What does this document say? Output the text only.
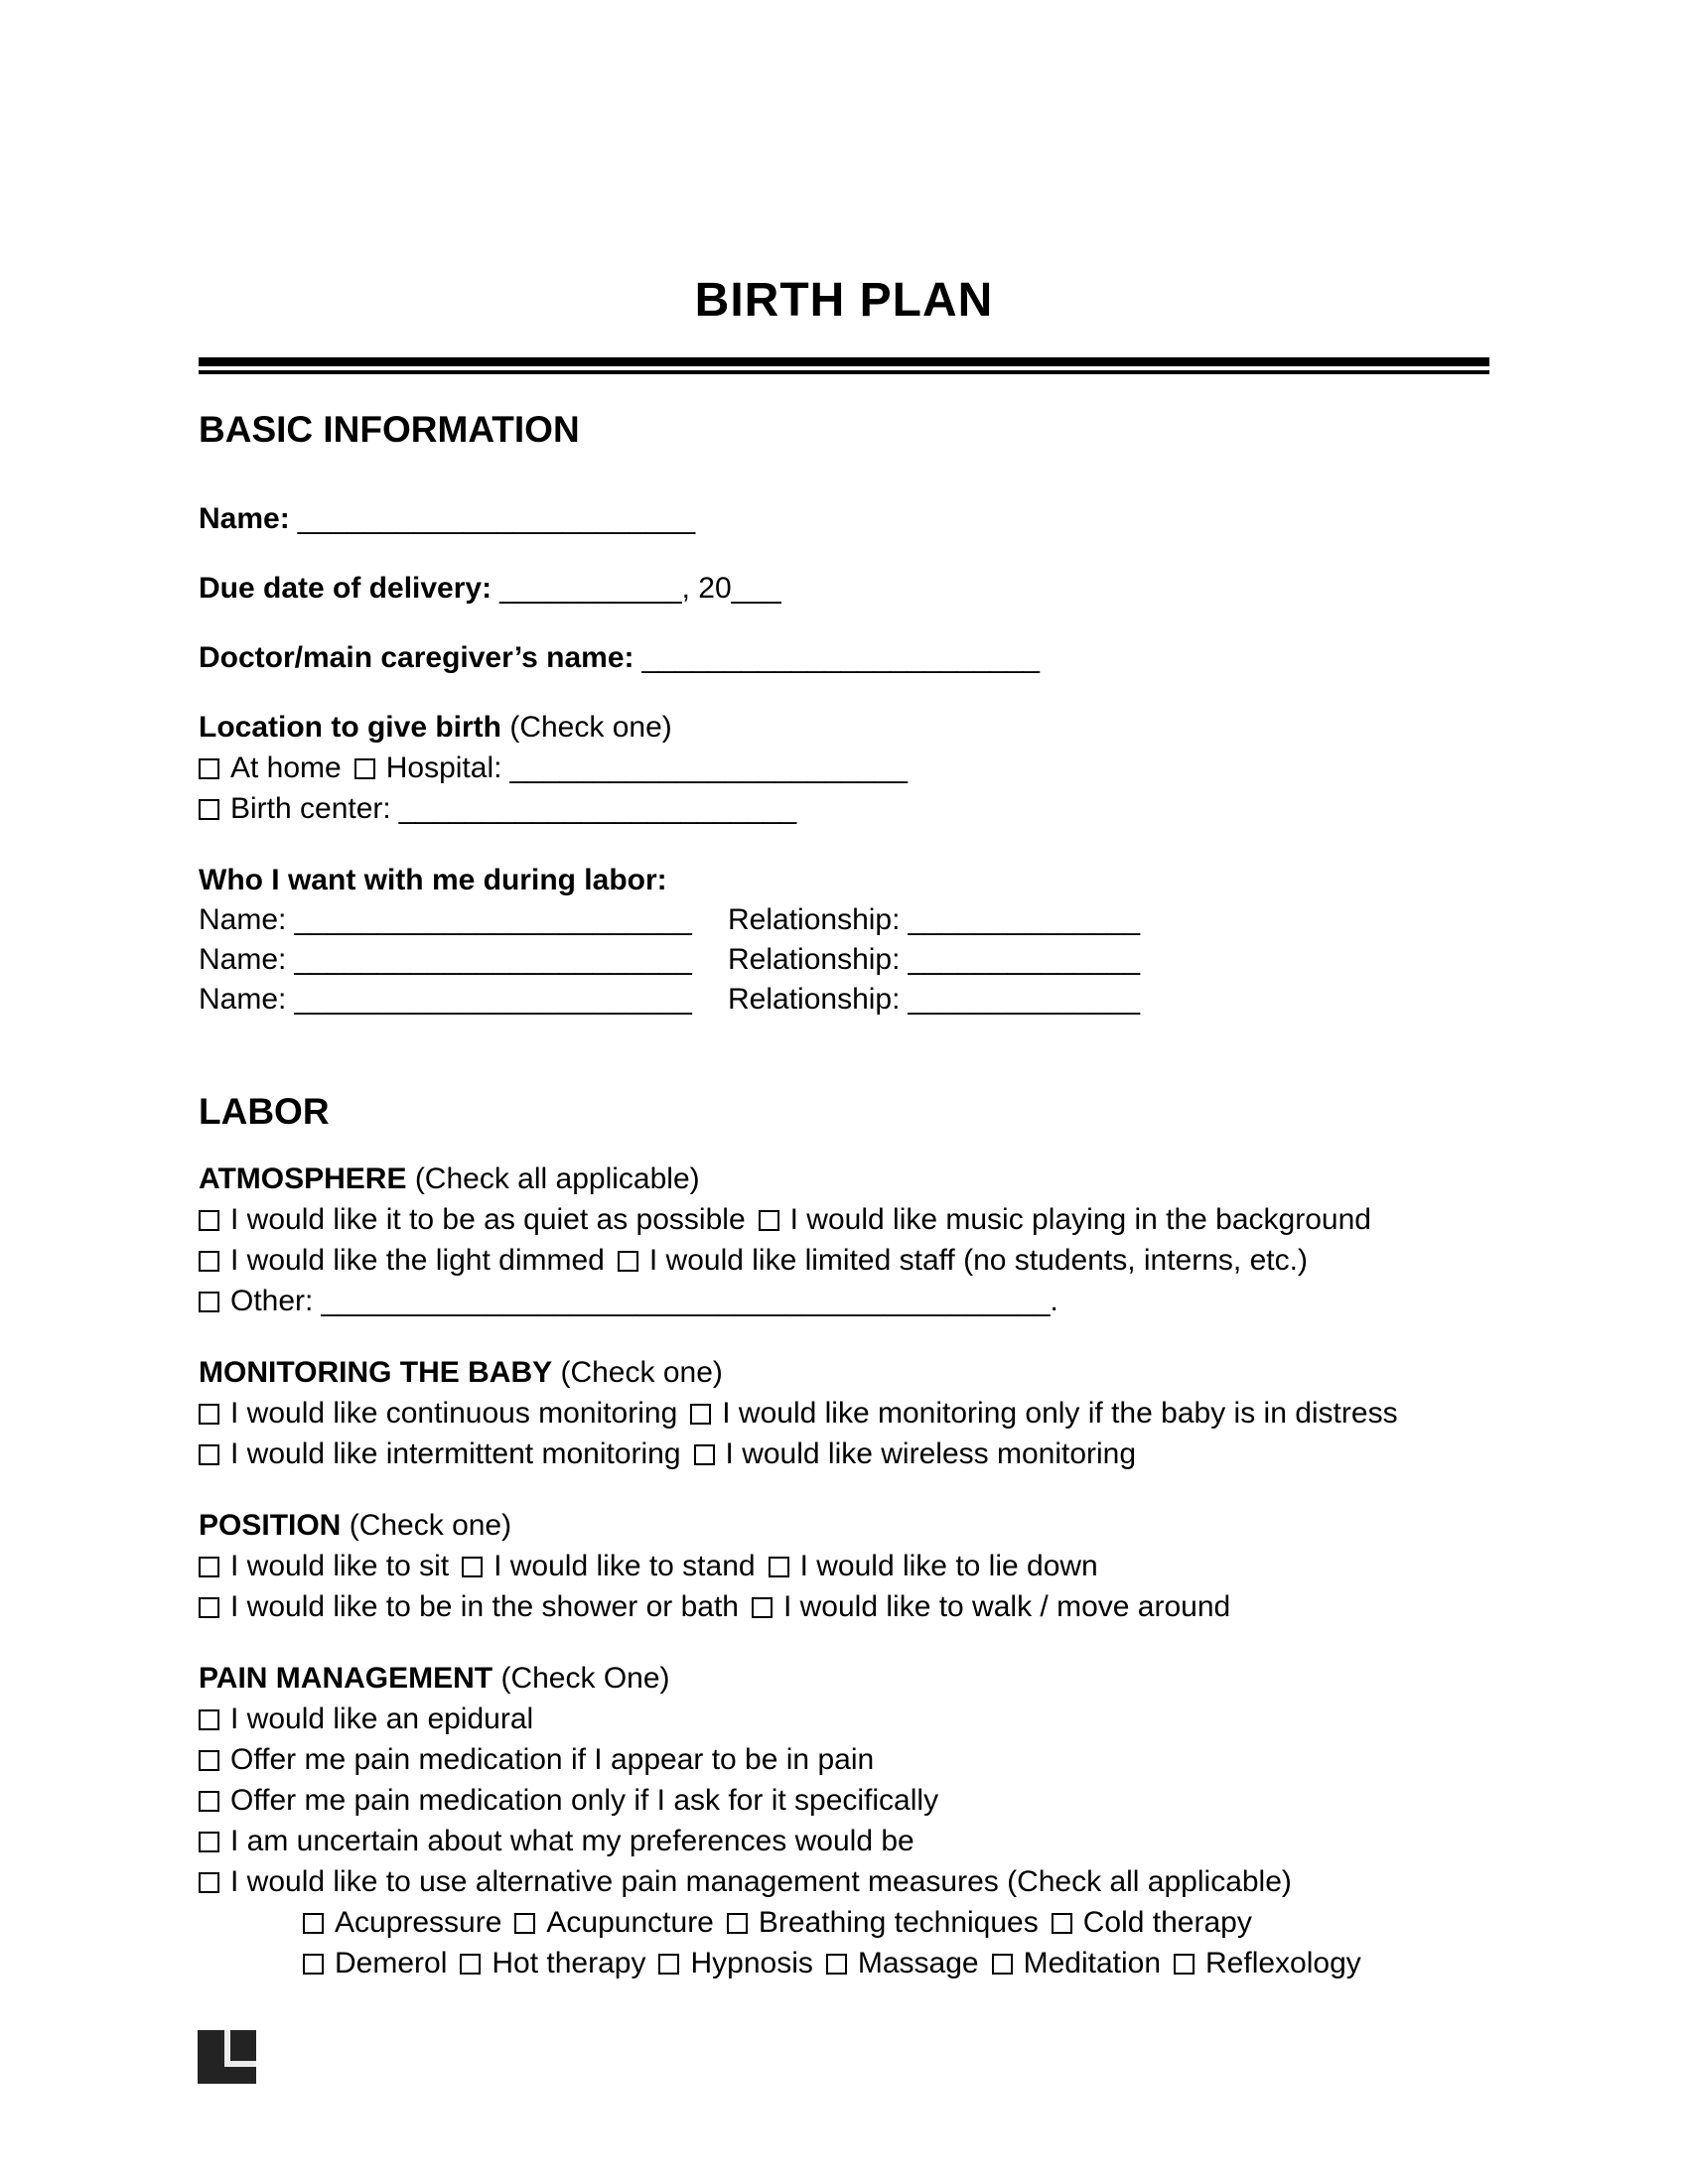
BIRTH PLAN
BASIC INFORMATION

Name: ________________________

Due date of delivery: ___________, 20___

Doctor/main caregiver’s name: ________________________

Location to give birth (Check one)
At home Hospital: ________________________
Birth center: ________________________
Who I want with me during labor:
Name: ________________________ Relationship: ______________
Name: ________________________ Relationship: ______________
Name: ________________________ Relationship: ______________
LABOR
ATMOSPHERE (Check all applicable)
I would like it to be as quiet as possible I would like music playing in the background
I would like the light dimmed I would like limited staff (no students, interns, etc.)
Other: ____________________________________________.
MONITORING THE BABY (Check one)
I would like continuous monitoring I would like monitoring only if the baby is in distress
I would like intermittent monitoring I would like wireless monitoring
POSITION (Check one)
I would like to sit I would like to stand I would like to lie down
I would like to be in the shower or bath I would like to walk / move around
PAIN MANAGEMENT (Check One)
I would like an epidural
Offer me pain medication if I appear to be in pain
Offer me pain medication only if I ask for it specifically
I am uncertain about what my preferences would be
I would like to use alternative pain management measures (Check all applicable)
Acupressure Acupuncture Breathing techniques Cold therapy
Demerol Hot therapy Hypnosis Massage Meditation Reflexology
